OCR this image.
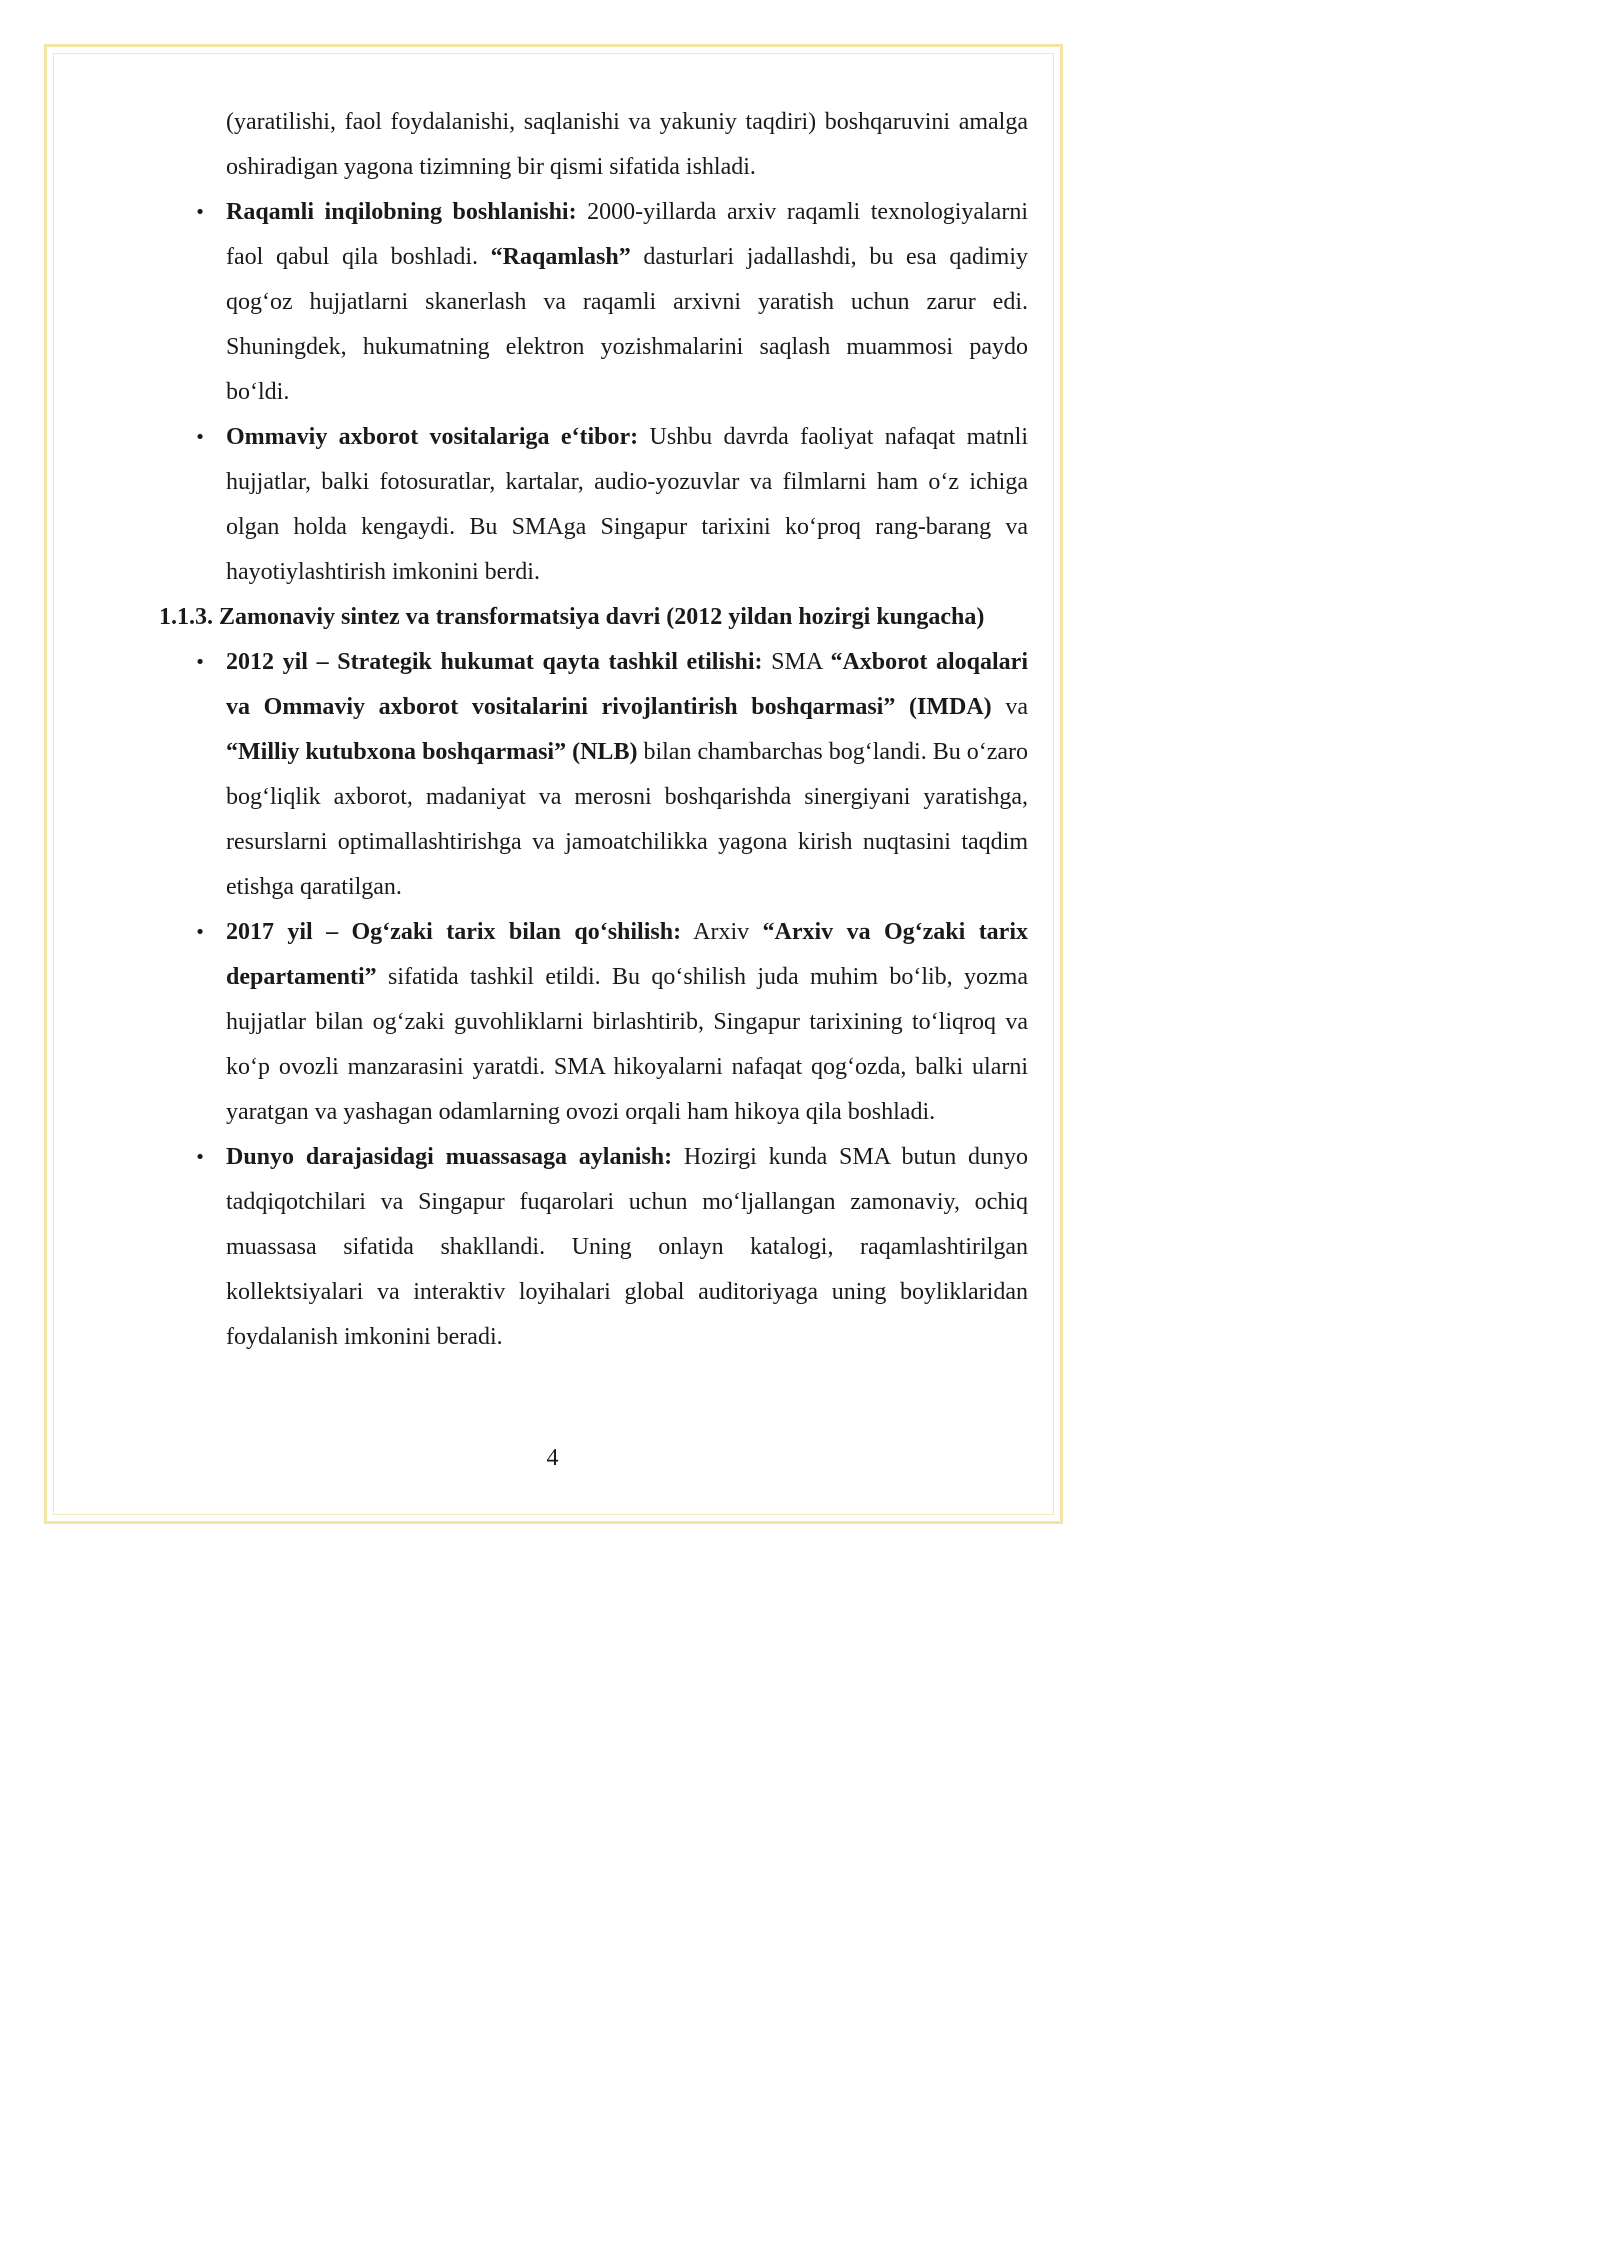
(yaratilishi, faol foydalanishi, saqlanishi va yakuniy taqdiri) boshqaruvini amalga oshiradigan yagona tizimning bir qismi sifatida ishladi.

• Raqamli inqilobning boshlanishi: 2000-yillarda arxiv raqamli texnologiyalarni faol qabul qila boshladi. “Raqamlash” dasturlari jadallashdi, bu esa qadimiy qog‘oz hujjatlarni skanerlash va raqamli arxivni yaratish uchun zarur edi. Shuningdek, hukumatning elektron yozishmalarini saqlash muammosi paydo bo‘ldi.

• Ommaviy axborot vositalariga e‘tibor: Ushbu davrda faoliyat nafaqat matnli hujjatlar, balki fotosuratlar, kartalar, audio-yozuvlar va filmlarni ham o‘z ichiga olgan holda kengaydi. Bu SMAga Singapur tarixini ko‘proq rang-barang va hayotiylashtirish imkonini berdi.

1.1.3. Zamonaviy sintez va transformatsiya davri (2012 yildan hozirgi kungacha)

• 2012 yil – Strategik hukumat qayta tashkil etilishi: SMA “Axborot aloqalari va Ommaviy axborot vositalarini rivojlantirish boshqarmasi” (IMDA) va “Milliy kutubxona boshqarmasi” (NLB) bilan chambarchas bog‘landi. Bu o‘zaro bog‘liqlik axborot, madaniyat va merosni boshqarishda sinergiyani yaratishga, resurslarni optimallashtirishga va jamoatchilikka yagona kirish nuqtasini taqdim etishga qaratilgan.

• 2017 yil – Og‘zaki tarix bilan qo‘shilish: Arxiv “Arxiv va Og‘zaki tarix departamenti” sifatida tashkil etildi. Bu qo‘shilish juda muhim bo‘lib, yozma hujjatlar bilan og‘zaki guvohliklarni birlashtirib, Singapur tarixining to‘liqroq va ko‘p ovozli manzarasini yaratdi. SMA hikoyalarni nafaqat qog‘ozda, balki ularni yaratgan va yashagan odamlarning ovozi orqali ham hikoya qila boshladi.

• Dunyo darajasidagi muassasaga aylanish: Hozirgi kunda SMA butun dunyo tadqiqotchilari va Singapur fuqarolari uchun mo‘ljallangan zamonaviy, ochiq muassasa sifatida shakllandi. Uning onlayn katalogi, raqamlashtirilgan kollektsiyalari va interaktiv loyihalari global auditoriyaga uning boyliklaridan foydalanish imkonini beradi.

4
